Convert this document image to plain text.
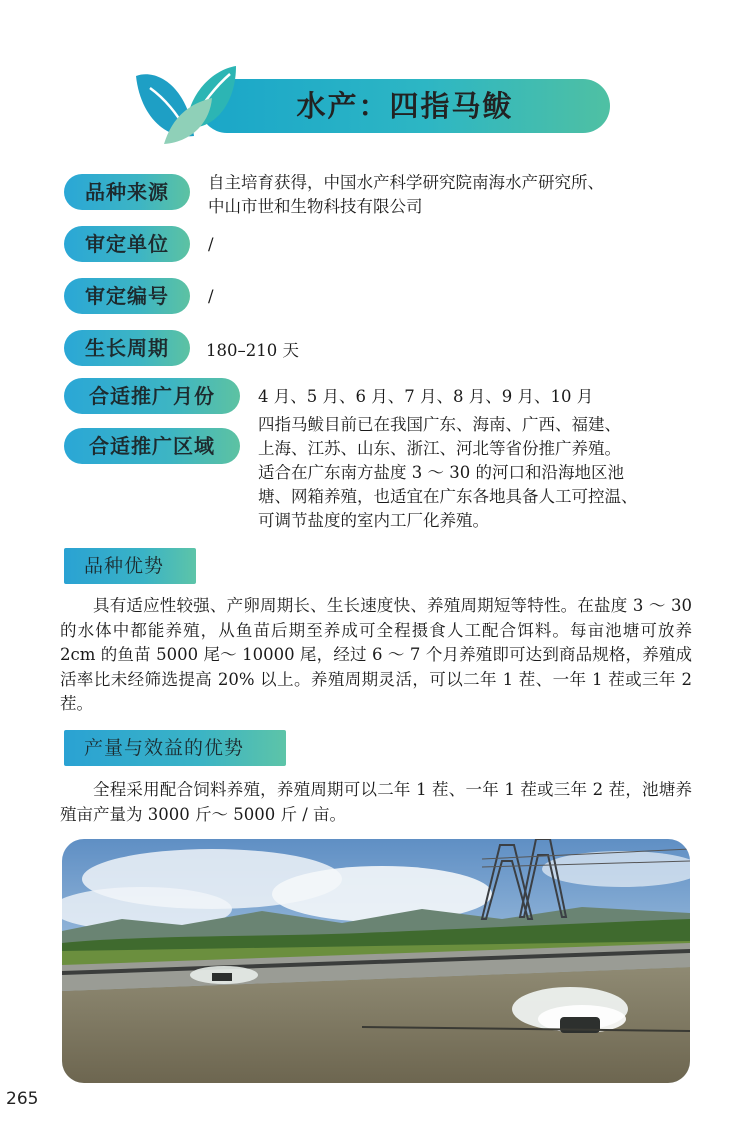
水产：四指马鲅
品种来源	自主培育获得，中国水产科学研究院南海水产研究所、
中山市世和生物科技有限公司
审定单位	/
审定编号	/
生长周期	180–210 天
合适推广月份	4 月、5 月、6 月、7 月、8 月、9 月、10 月
合适推广区域
四指马鲅目前已在我国广东、海南、广西、福建、
上海、江苏、山东、浙江、河北等省份推广养殖。
适合在广东南方盐度 3 ～ 30 的河口和沿海地区池
塘、网箱养殖，也适宜在广东各地具备人工可控温、
可调节盐度的室内工厂化养殖。
品种优势
具有适应性较强、产卵周期长、生长速度快、养殖周期短等特性。在盐度 3 ～ 30 的水体中都能养殖，从鱼苗后期至养成可全程摄食人工配合饵料。每亩池塘可放养 2cm 的鱼苗 5000 尾～ 10000 尾，经过 6 ～ 7 个月养殖即可达到商品规格，养殖成活率比未经筛选提高 20% 以上。养殖周期灵活，可以二年 1 茬、一年 1 茬或三年 2 茬。
产量与效益的优势
全程采用配合饲料养殖，养殖周期可以二年 1 茬、一年 1 茬或三年 2 茬，池塘养殖亩产量为 3000 斤～ 5000 斤 / 亩。
265
